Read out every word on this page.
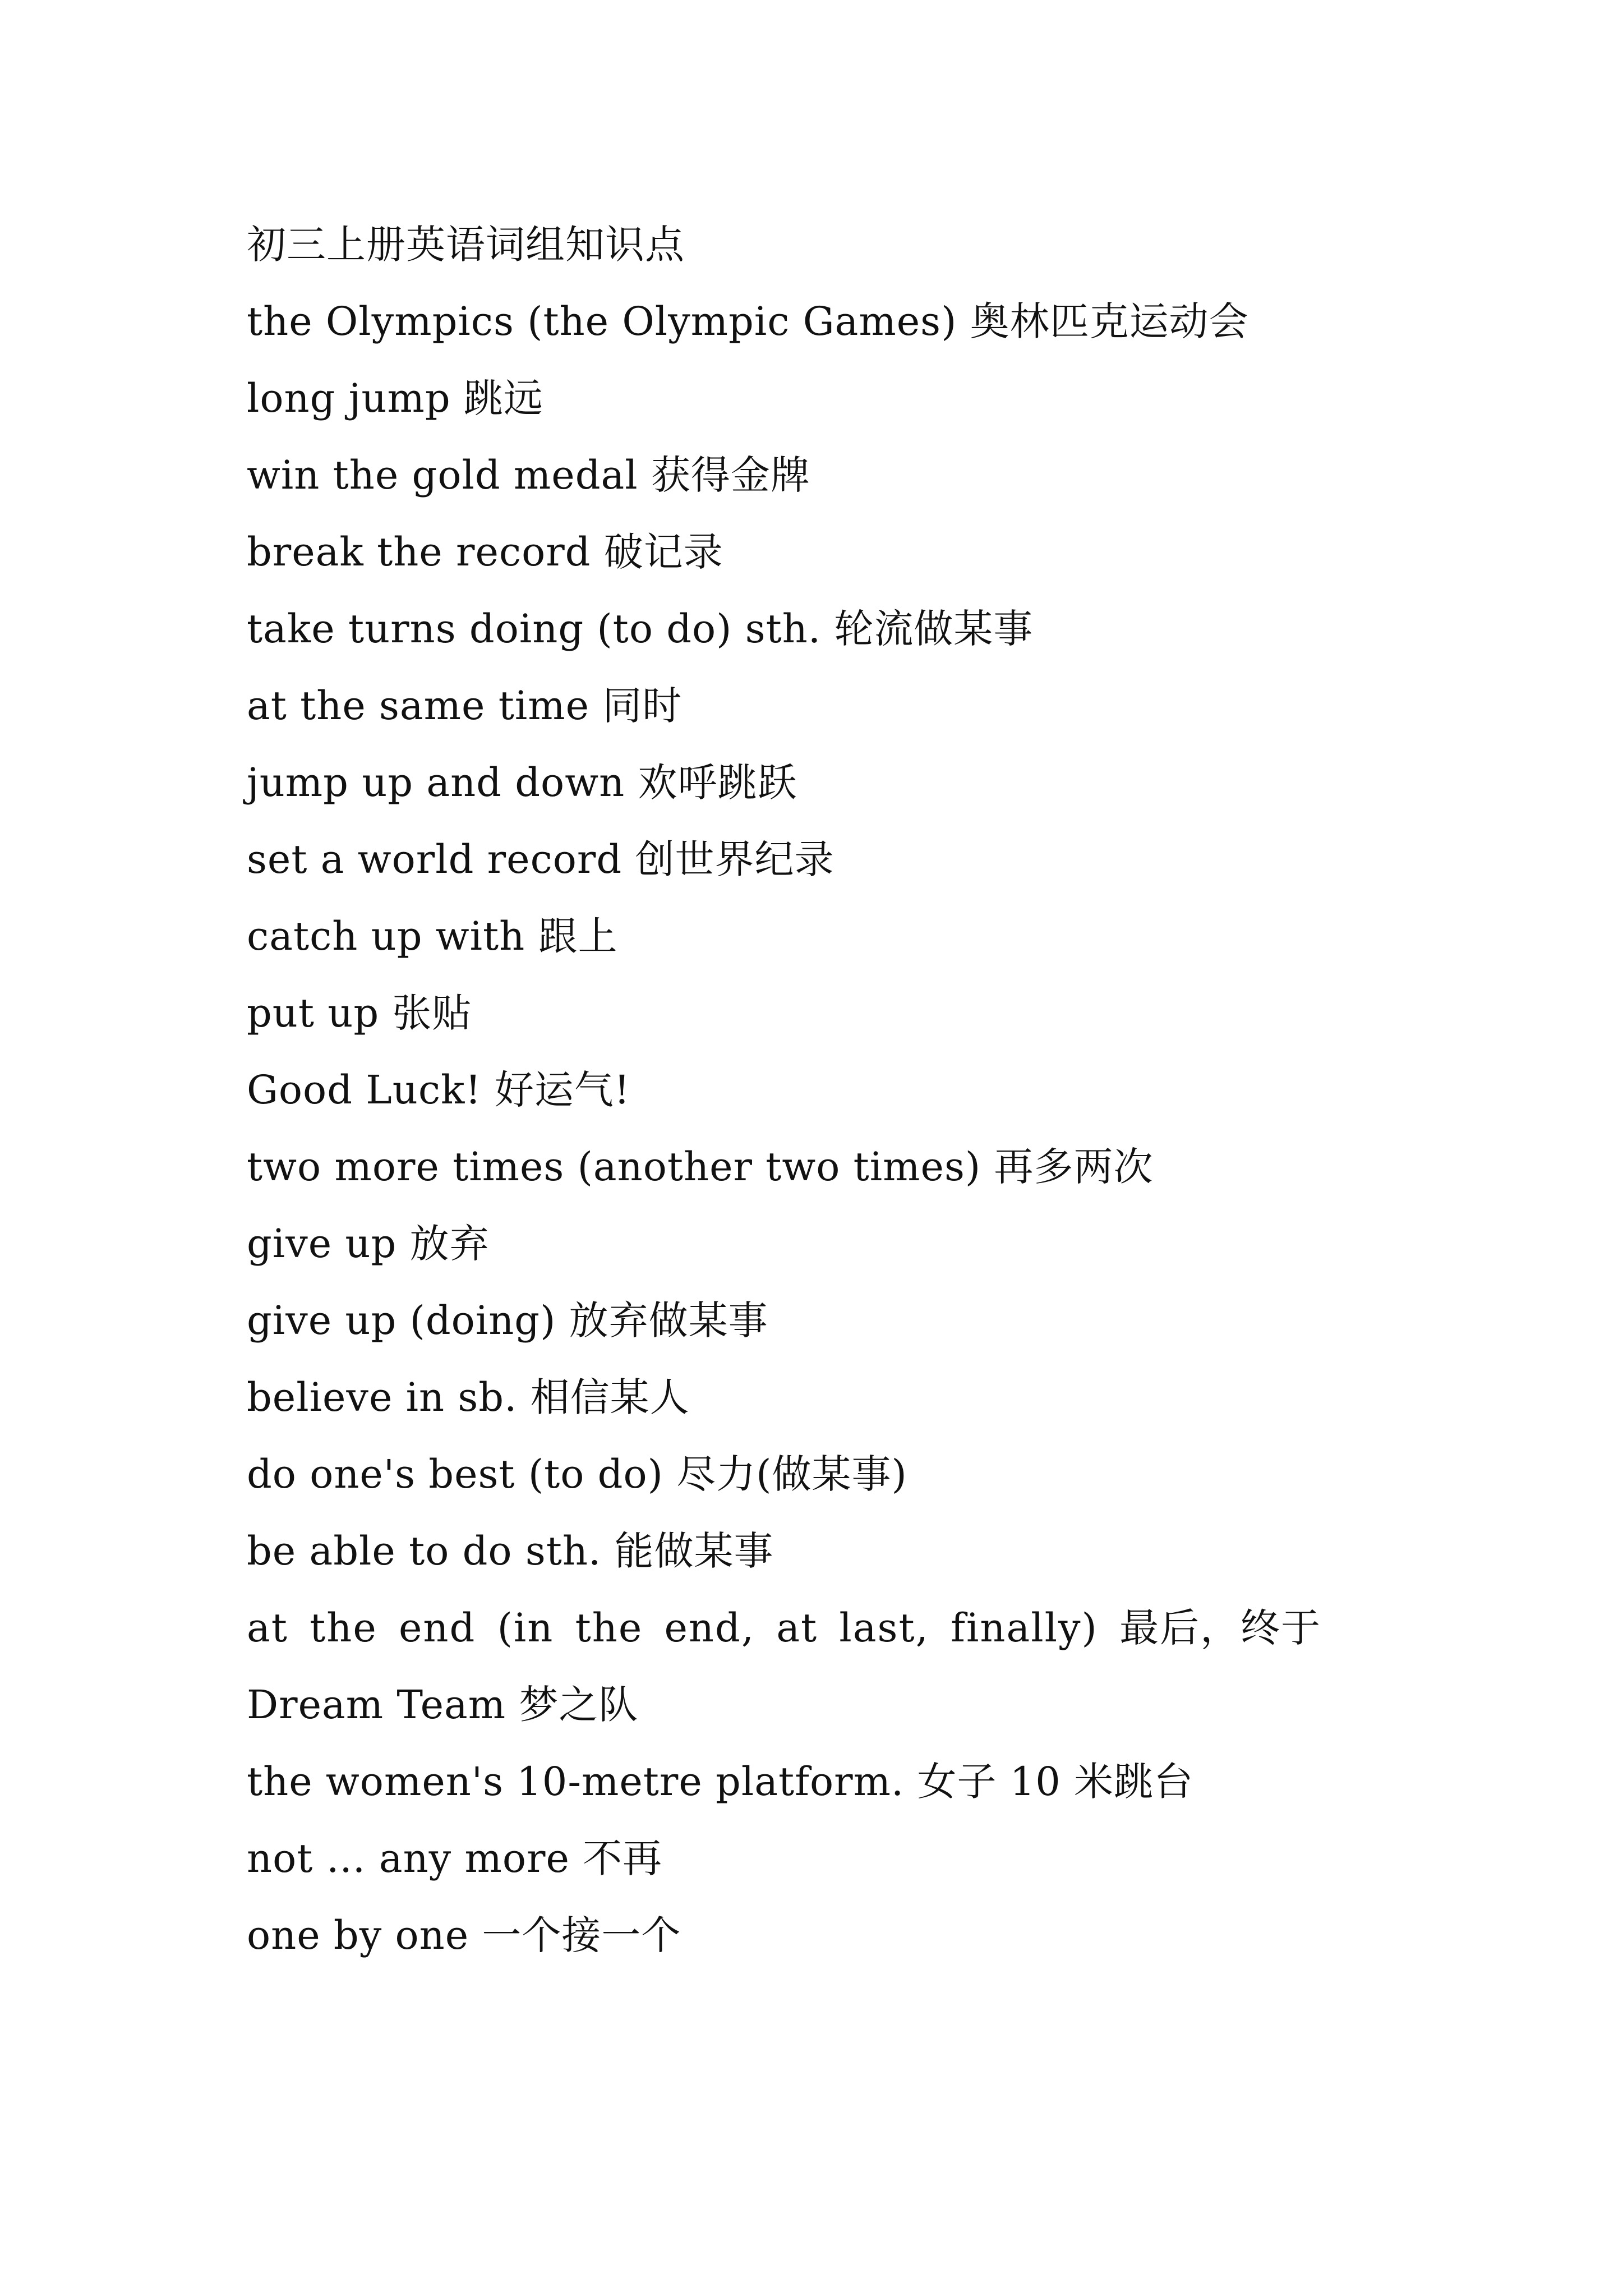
初三上册英语词组知识点
the Olympics (the Olympic Games) 奥林匹克运动会
long jump 跳远
win the gold medal 获得金牌
break the record 破记录
take turns doing (to do) sth. 轮流做某事
at the same time 同时
jump up and down 欢呼跳跃
set a world record 创世界纪录
catch up with 跟上
put up 张贴
Good Luck! 好运气!
two more times (another two times) 再多两次
give up 放弃
give up (doing) 放弃做某事
believe in sb. 相信某人
do one's best (to do) 尽力(做某事)
be able to do sth. 能做某事
at the end (in the end, at last, finally) 最后，终于
Dream Team 梦之队
the women's 10-metre platform. 女子 10 米跳台
not … any more 不再
one by one 一个接一个
